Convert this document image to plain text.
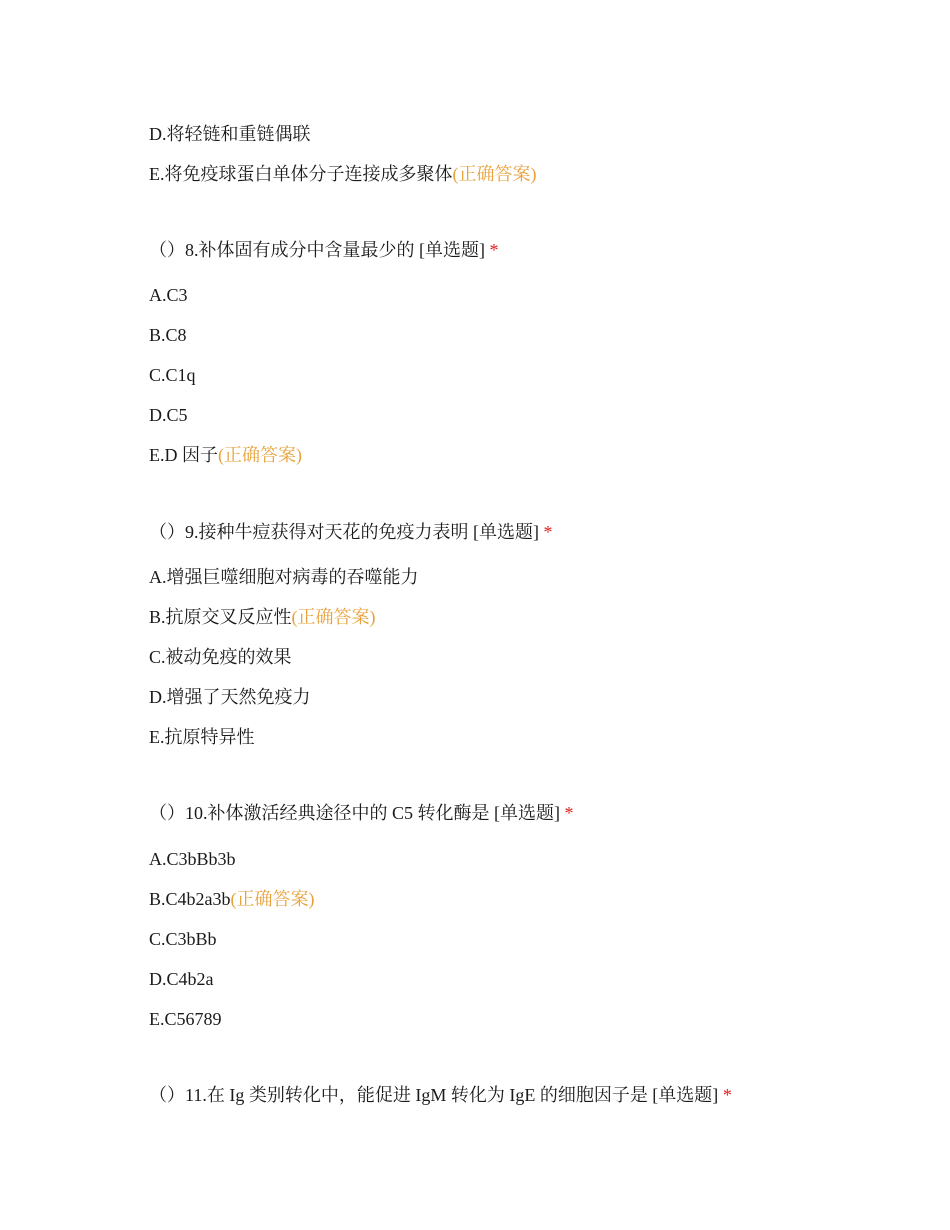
D.将轻链和重链偶联
E.将免疫球蛋白单体分子连接成多聚体(正确答案)
（）8.补体固有成分中含量最少的 [单选题] *
A.C3
B.C8
C.C1q
D.C5
E.D 因子(正确答案)
（）9.接种牛痘获得对天花的免疫力表明 [单选题] *
A.增强巨噬细胞对病毒的吞噬能力
B.抗原交叉反应性(正确答案)
C.被动免疫的效果
D.增强了天然免疫力
E.抗原特异性
（）10.补体激活经典途径中的 C5 转化酶是 [单选题] *
A.C3bBb3b
B.C4b2a3b(正确答案)
C.C3bBb
D.C4b2a
E.C56789
（）11.在 Ig 类别转化中，能促进 IgM 转化为 IgE 的细胞因子是 [单选题] *
